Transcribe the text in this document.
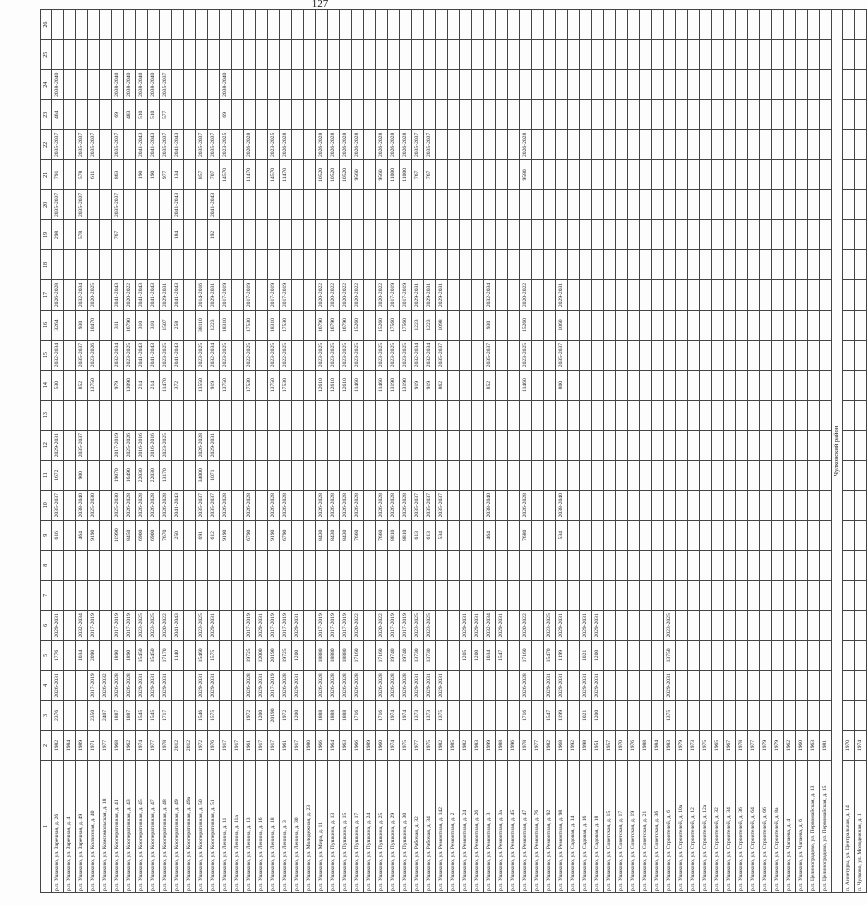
127
1	2	3	4	5	6	7	8	9	10	11	12	13	14	15	16	17	18	19	20	21	22	23	24	25	26
р.п. Ушаково, ул. Заречная, д. 26	1982	2376	2026-2031	1776	2029-2031			616	2035-2037	1672	2029-2031		530	2032-2034	3264	2026-2028		298	2035-2037	791	2035-2037	464	2038-2040		
р.п. Ушаково, ул. Заречная, д. 4	1984																								
р.п. Ушаково, ул. Заречная, д. 49	1989			1034	2032-2034			464	2038-2040	900	2035-2037		852	2035-2037	930	2032-2034		578	2035-2037	578	2035-2037				
р.п. Ушаково, ул. Колхозная, д. 40	1971	2350	2017-2019	2090	2017-2019			9190	2025-2030				13750	2023-2026	10470	2020-2025				611	2035-2037				
р.п. Ушаково, ул. Комсомольская, д. 18	1977	2407	2026-2032																						
р.п. Ушаково, ул. Кооперативная, д. 41	1968	1887	2026-2028	1890	2017-2019			11990	2025-2030	19070	2017-2019		979	2032-2034	311	2041-2043		767	2035-2037	863	2035-2037	69	2038-2040		
р.п. Ушаково, ул. Кооперативная, д. 43	1962	1887	2026-2028	1890	2017-2019			8450	2026-2028	16490	2025-2026		13090	2023-2025	16790	2020-2022						483	2038-2040		
р.п. Ушаково, ул. Кооперативная, д. 45	1974	1545	2029-2031	15450	2023-2025			6900	2026-2028	22030	2016-2016		214	2041-2043	310	2041-2043				190	2041-2043	510	2038-2040		
р.п. Ушаково, ул. Кооперативная, д. 47	1977	1545	2029-2031	15450	2023-2025			6900	2026-2028	22030	2016-2016		214	2041-2043	310	2041-2043				190	2041-2043	510	2038-2040		
р.п. Ушаково, ул. Кооперативная, д. 48	1978	1717	2029-2031	17170	2020-2022			7670	2026-2028	13170	2023-2025		11470	2023-2025	1507	2029-2031				977	2035-2037	577	2035-2037		
р.п. Ушаково, ул. Кооперативная, д. 49	2012			1140	2041-2043			250	2041-2043				372	2041-2043	258	2041-2043		184	2041-2043	134	2041-2043				
р.п. Ушаково, ул. Кооперативная, д. 49а	2012																								
р.п. Ушаково, ул. Кооперативная, д. 50	1972	1546	2029-2031	15460	2023-2025			691	2035-2037	34000	2026-2028		13550	2023-2025	38110	2014-2016				857	2035-2037				
р.п. Ушаково, ул. Кооперативная, д. 51	1976	1575	2029-2031	1575	2029-2031			612	2035-2037	1071	2029-2031		919	2032-2034	1223	2029-2031		192	2041-2043	707	2035-2037				
р.п. Ушаково, ул. Ленина, д. 11	1917							9190	2026-2028				13750	2023-2025	18310	2017-2019				14570	2023-2025	69	2038-2040		
р.п. Ушаково, ул. Ленина, д. 11а	1917																								
р.п. Ушаково, ул. Ленина, д. 13	1961	1972	2026-2028	19725	2017-2019			6790	2026-2028				17530	2022-2025	17530	2017-2019				11470	2026-2028				
р.п. Ушаково, ул. Ленина, д. 16	1917	1200	2029-2031	12000	2029-2031																				
р.п. Ушаково, ул. Ленина, д. 18	1917	20190	2017-2019	20190	2017-2019			9190	2026-2028				13750	2023-2025	18310	2017-2019				14570	2023-2025				
р.п. Ушаково, ул. Ленина, д. 3	1961	1972	2026-2028	19725	2017-2019			6790	2026-2028				17530	2022-2025	17530	2017-2019				11470	2026-2028				
р.п. Ушаково, ул. Ленина, д. 30	1917	1200	2029-2031	1200	2029-2031																				
р.п. Ушаково, ул. Молодежная, д. 23	1980																								
р.п. Ушаково, ул. Мира, д. 11	1966	1888	2026-2028	18880	2017-2019			8430	2026-2028				12610	2023-2025	16790	2020-2022				10520	2026-2028				
р.п. Ушаково, ул. Пушкина, д. 13	1964	1888	2026-2028	18880	2017-2019			8430	2026-2028				12610	2023-2025	16790	2020-2022				10520	2026-2028				
р.п. Ушаково, ул. Пушкина, д. 15	1963	1888	2026-2028	18880	2017-2019			8430	2026-2028				12610	2023-2025	16790	2020-2022				10520	2026-2028				
р.п. Ушаково, ул. Пушкина, д. 17	1966	1716	2026-2028	17160	2020-2022			7660	2026-2028				11460	2023-2025	15260	2020-2022				9560	2026-2028				
р.п. Ушаково, ул. Пушкина, д. 24	1989																								
р.п. Ушаково, ул. Пушкина, д. 25	1960	1716	2026-2028	17160	2020-2022			7660	2026-2028				11460	2023-2025	15260	2020-2022				9560	2026-2028				
р.п. Ушаково, ул. Пушкина, д. 29	1974	1974	2026-2028	19740	2017-2019			8810	2026-2028				13190	2023-2025	17560	2017-2019				11000	2026-2028				
р.п. Ушаково, ул. Пушкина, д. 30	1975	1974	2026-2028	19740	2017-2019			8810	2026-2028				13190	2023-2025	17560	2017-2019				11000	2026-2028				
р.п. Ушаково, ул. Рабочая, д. 32	1977	1373	2029-2031	13730	2023-2025			613	2035-2037				919	2032-2034	1223	2029-2031				767	2035-2037				
р.п. Ушаково, ул. Рабочая, д. 34	1975	1373	2029-2031	13730	2023-2025			613	2035-2037				919	2032-2034	1223	2029-2031				767	2035-2037				
р.п. Ушаково, ул. Ремонтная, д. 142	1982	1375	2029-2031					534	2035-2037				862	2035-2037	1098	2029-2031									
р.п. Ушаково, ул. Ремонтная, д. 2	1985																								
р.п. Ушаково, ул. Ремонтная, д. 24	1982			1205	2029-2031																				
р.п. Ушаково, ул. Ремонтная, д. 26	1983			1200	2029-2031																				
р.п. Ушаково, ул. Ремонтная, д. 3	1999			1034	2032-2034			464	2038-2040				852	2035-2037	930	2032-2034									
р.п. Ушаково, ул. Ремонтная, д. 3а	1988			1547	2029-2031																				
р.п. Ушаково, ул. Ремонтная, д. 45	1996																								
р.п. Ушаково, ул. Ремонтная, д. 47	1978	1716	2026-2028	17160	2020-2022			7680	2026-2028				11460	2023-2025	15260	2020-2022				9580	2026-2028				
р.п. Ушаково, ул. Ремонтная, д. 76	1977																								
р.п. Ушаково, ул. Ремонтная, д. 92	1982	1547	2029-2031	15470	2023-2025																				
р.п. Ушаково, ул. Ремонтная, д. 98	1968	1199	2029-2031	1199	2029-2031			534	2038-2040				800	2035-2037	1060	2029-2031									
р.п. Ушаково, ул. Садовая, д. 14	1992																								
р.п. Ушаково, ул. Садовая, д. 16	1998	1021	2029-2031	1021	2029-2031																				
р.п. Ушаково, ул. Садовая, д. 18	1951	1200	2029-2031	1200	2029-2031																				
р.п. Ушаково, ул. Советская, д. 15	1957																								
р.п. Ушаково, ул. Советская, д. 17	1970																								
р.п. Ушаково, ул. Советская, д. 19	1976																								
р.п. Ушаково, ул. Советская, д. 21	1988																								
р.п. Ушаково, ул. Советская, д. 36	1984																								
р.п. Ушаково, ул. Строителей, д. 6	1983	1375	2029-2031	13750	2023-2025																				
р.п. Ушаково, ул. Строителей, д. 10а	1979																								
р.п. Ушаково, ул. Строителей, д. 12	1973																								
р.п. Ушаково, ул. Строителей, д. 12а	1975																								
р.п. Ушаково, ул. Строителей, д. 32	1965																								
р.п. Ушаково, ул. Строителей, д. 34	1967																								
р.п. Ушаково, ул. Строителей, д. 36	1978																								
р.п. Ушаково, ул. Строителей, д. 64	1977																								
р.п. Ушаково, ул. Строителей, д. 66	1979																								
р.п. Ушаково, ул. Строителей, д. 8а	1979																								
р.п. Ушаково, ул. Чапаева, д. 4	1962																								
р.п. Ушаково, ул. Чапаева, д. 6	1960																								
р.п. Целиноградово, ул. Первомайская, д. 13	1963																								
р.п. Целиноградово, ул. Первомайская, д. 15	1981																								
Чулковский район																									
п. Аннетуры, ул. Центральная, д. 14	1970																								
п. Чулково, ул. Молодежная, д. 1	1974																								
